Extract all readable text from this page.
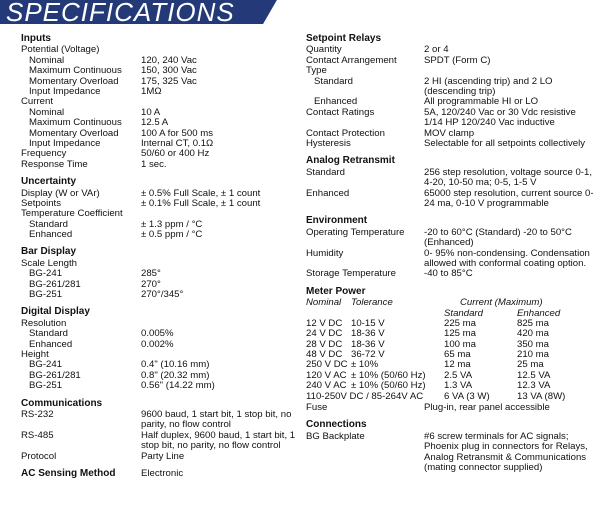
SPECIFICATIONS
Inputs
Potential (Voltage)
Nominal	120, 240 Vac
Maximum Continuous 150, 300 Vac
Momentary Overload 175, 325 Vac
Input Impedance	1MΩ
Current
Nominal	10 A
Maximum Continuous 12.5 A
Momentary Overload 100 A for 500 ms
Input Impedance	Internal CT, 0.1Ω
Frequency	50/60 or 400 Hz
Response Time	1 sec.
Uncertainty
Display (W or VAr)	± 0.5% Full Scale, ± 1 count
Setpoints	± 0.1% Full Scale, ± 1 count
Temperature Coefficient
Standard	± 1.3 ppm / °C
Enhanced	± 0.5 ppm / °C
Bar Display
Scale Length
BG-241	285°
BG-261/281	270°
BG-251	270°/345°
Digital Display
Resolution
Standard	0.005%
Enhanced	0.002%
Height
BG-241	0.4" (10.16 mm)
BG-261/281	0.8" (20.32 mm)
BG-251	0.56" (14.22 mm)
Communications
RS-232	9600 baud, 1 start bit, 1 stop bit, no parity, no flow control
RS-485	Half duplex, 9600 baud, 1 start bit, 1 stop bit, no parity, no flow control
Protocol	Party Line
AC Sensing Method	Electronic
Setpoint Relays
Quantity	2 or 4
Contact Arrangement	SPDT (Form C)
Type
Standard	2 HI (ascending trip) and 2 LO (descending trip)
Enhanced	All programmable HI or LO
Contact Ratings	5A, 120/240 Vac or 30 Vdc resistive 1/14 HP 120/240 Vac inductive
Contact Protection	MOV clamp
Hysteresis	Selectable for all setpoints collectively
Analog Retransmit
Standard	256 step resolution, voltage source 0-1, 4-20, 10-50 ma; 0-5, 1-5 V
Enhanced	65000 step resolution, current source 0-24 ma, 0-10 V programmable
Environment
Operating Temperature -20 to 60°C (Standard) -20 to 50°C (Enhanced)
Humidity	0- 95% non-condensing. Condensation allowed with conformal coating option.
Storage Temperature	-40 to 85°C
Meter Power
Nominal Tolerance	Current (Maximum)
Standard	Enhanced
12 V DC 10-15 V	225 ma	825 ma
24 V DC 18-36 V	125 ma	420 ma
28 V DC 18-36 V	100 ma	350 ma
48 V DC 36-72 V	65 ma	210 ma
250 V DC ± 10%	12 ma	25 ma
120 V AC ± 10% (50/60 Hz) 2.5 VA	12.5 VA
240 V AC ± 10% (50/60 Hz) 1.3 VA	12.3 VA
110-250V DC / 85-264V AC 6 VA (3 W)	13 VA (8W)
Fuse	Plug-in, rear panel accessible
Connections
BG Backplate	#6 screw terminals for AC signals; Phoenix plug in connectors for Relays, Analog Retransmit & Communications (mating connector supplied)
